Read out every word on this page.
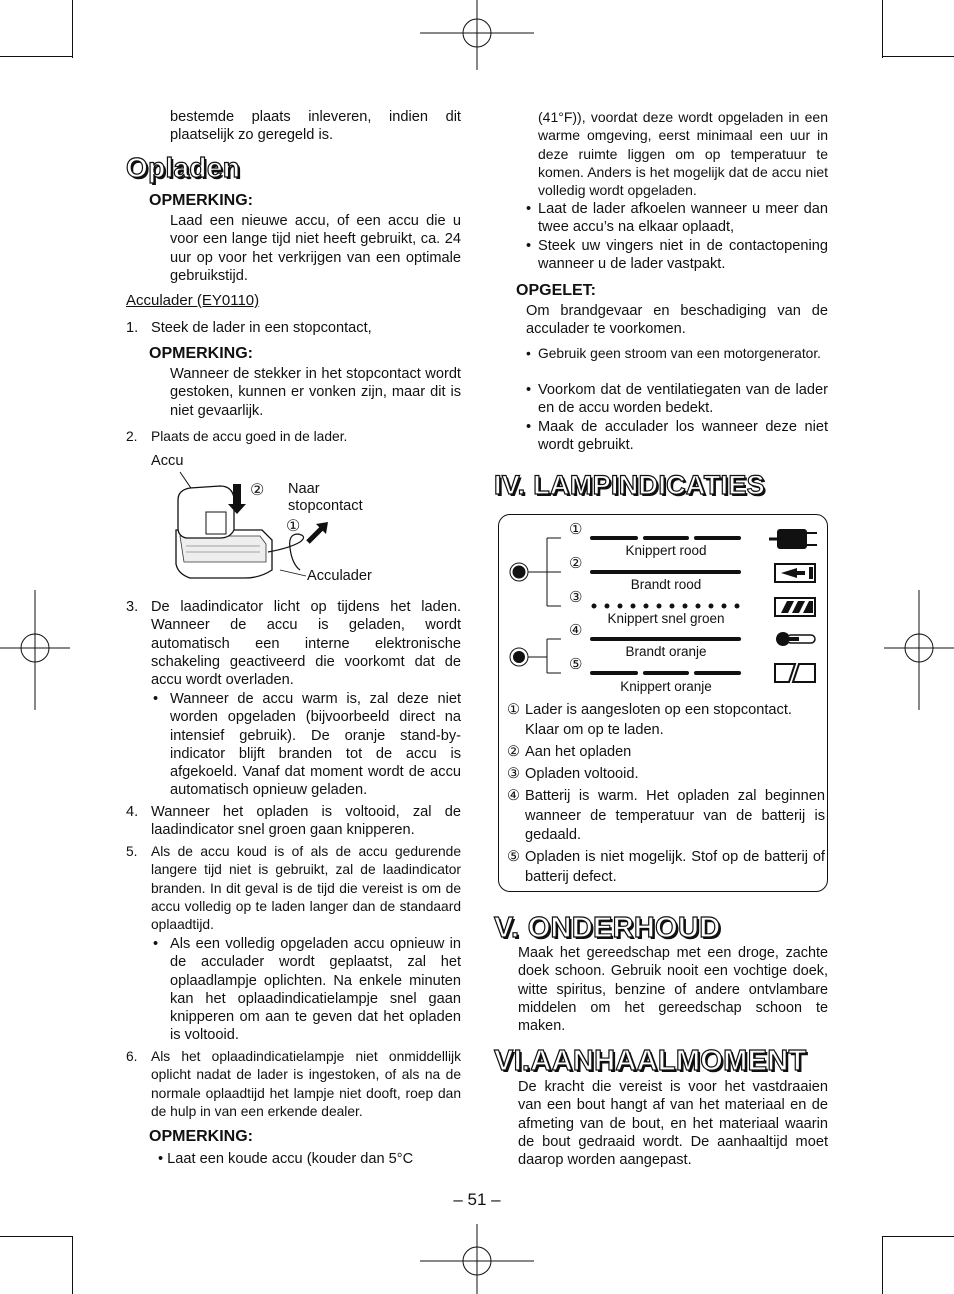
bestemde plaats inleveren, indien dit plaatselijk zo geregeld is.
Opladen
OPMERKING:
Laad een nieuwe accu, of een accu die u voor een lange tijd niet heeft gebruikt, ca. 24 uur op voor het verkrijgen van een optimale gebruikstijd.
Acculader (EY0110)
1. Steek de lader in een stopcontact,
OPMERKING:
Wanneer de stekker in het stopcontact wordt gestoken, kunnen er vonken zijn, maar dit is niet gevaarlijk.
2. Plaats de accu goed in de lader.
Accu
Naar
stopcontact
Acculader
②
①
3. De laadindicator licht op tijdens het laden. Wanneer de accu is geladen, wordt automatisch een interne elektronische schakeling geactiveerd die voorkomt dat de accu wordt overladen.
• Wanneer de accu warm is, zal deze niet worden opgeladen (bijvoorbeeld direct na intensief gebruik). De oranje stand-by-indicator blijft branden tot de accu is afgekoeld. Vanaf dat moment wordt de accu automatisch opnieuw geladen.
4. Wanneer het opladen is voltooid, zal de laadindicator snel groen gaan knipperen.
5. Als de accu koud is of als de accu gedurende langere tijd niet is gebruikt, zal de laadindicator branden. In dit geval is de tijd die vereist is om de accu volledig op te laden langer dan de standaard oplaadtijd.
• Als een volledig opgeladen accu opnieuw in de acculader wordt geplaatst, zal het oplaadlampje oplichten. Na enkele minuten kan het oplaadindicatielampje snel gaan knipperen om aan te geven dat het opladen is voltooid.
6. Als het oplaadindicatielampje niet onmiddellijk oplicht nadat de lader is ingestoken, of als na de normale oplaadtijd het lampje niet dooft, roep dan de hulp in van een erkende dealer.
OPMERKING:
• Laat een koude accu (kouder dan 5°C
(41°F)), voordat deze wordt opgeladen in een warme omgeving, eerst minimaal een uur in deze ruimte liggen om op temperatuur te komen. Anders is het mogelijk dat de accu niet volledig wordt opgeladen.
• Laat de lader afkoelen wanneer u meer dan twee accu’s na elkaar oplaadt,
• Steek uw vingers niet in de contactopening wanneer u de lader vastpakt.
OPGELET:
Om brandgevaar en beschadiging van de acculader te voorkomen.
• Gebruik geen stroom van een motorgenerator.
• Voorkom dat de ventilatiegaten van de lader en de accu worden bedekt.
• Maak de acculader los wanneer deze niet wordt gebruikt.
IV. LAMPINDICATIES
①
②
③
④
⑤
Knippert rood
Brandt rood
Knippert snel groen
Brandt oranje
Knippert oranje
① Lader is aangesloten op een stopcontact. Klaar om op te laden.
② Aan het opladen
③ Opladen voltooid.
④ Batterij is warm. Het opladen zal beginnen wanneer de temperatuur van de batterij is gedaald.
⑤ Opladen is niet mogelijk. Stof op de batterij of batterij defect.
V. ONDERHOUD
Maak het gereedschap met een droge, zachte doek schoon. Gebruik nooit een vochtige doek, witte spiritus, benzine of andere ontvlambare middelen om het gereedschap schoon te maken.
VI.AANHAALMOMENT
De kracht die vereist is voor het vastdraaien van een bout hangt af van het materiaal en de afmeting van de bout, en het materiaal waarin de bout gedraaid wordt. De aanhaaltijd moet daarop worden aangepast.
– 51 –
